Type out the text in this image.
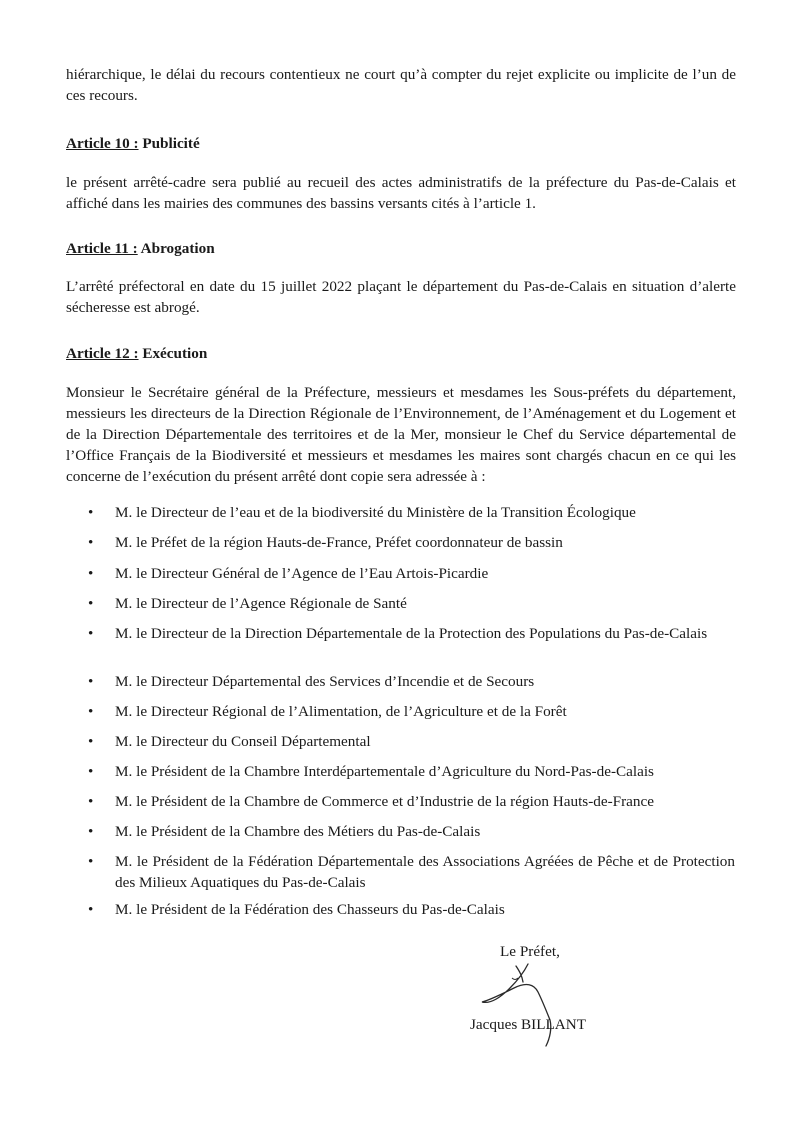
hiérarchique, le délai du recours contentieux ne court qu’à compter du rejet explicite ou implicite de l’un de ces recours.

Article 10 : Publicité

le présent arrêté-cadre sera publié au recueil des actes administratifs de la préfecture du Pas-de-Calais et affiché dans les mairies des communes des bassins versants cités à l’article 1.

Article 11 : Abrogation

L’arrêté préfectoral en date du 15 juillet 2022 plaçant le département du Pas-de-Calais en situation d’alerte sécheresse est abrogé.

Article 12 : Exécution

Monsieur le Secrétaire général de la Préfecture, messieurs et mesdames les Sous-préfets du département, messieurs les directeurs de la Direction Régionale de l’Environnement, de l’Aménagement et du Logement et de la Direction Départementale des territoires et de la Mer, monsieur le Chef du Service départemental de l’Office Français de la Biodiversité et messieurs et mesdames les maires sont chargés chacun en ce qui les concerne de l’exécution du présent arrêté dont copie sera adressée à :

•	M. le Directeur de l’eau et de la biodiversité du Ministère de la Transition Écologique
•	M. le Préfet de la région Hauts-de-France, Préfet coordonnateur de bassin
•	M. le Directeur Général de l’Agence de l’Eau Artois-Picardie
•	M. le Directeur de l’Agence Régionale de Santé
•	M. le Directeur de la Direction Départementale de la Protection des Populations du Pas-de-Calais
•	M. le Directeur Départemental des Services d’Incendie et de Secours
•	M. le Directeur Régional de l’Alimentation, de l’Agriculture et de la Forêt
•	M. le Directeur du Conseil Départemental
•	M. le Président de la Chambre Interdépartementale d’Agriculture du Nord-Pas-de-Calais
•	M. le Président de la Chambre de Commerce et d’Industrie de la région Hauts-de-France
•	M. le Président de la Chambre des Métiers du Pas-de-Calais
•	M. le Président de la Fédération Départementale des Associations Agréées de Pêche et de Protection des Milieux Aquatiques du Pas-de-Calais
•	M. le Président de la Fédération des Chasseurs du Pas-de-Calais
Le Préfet,
Jacques BILLANT
